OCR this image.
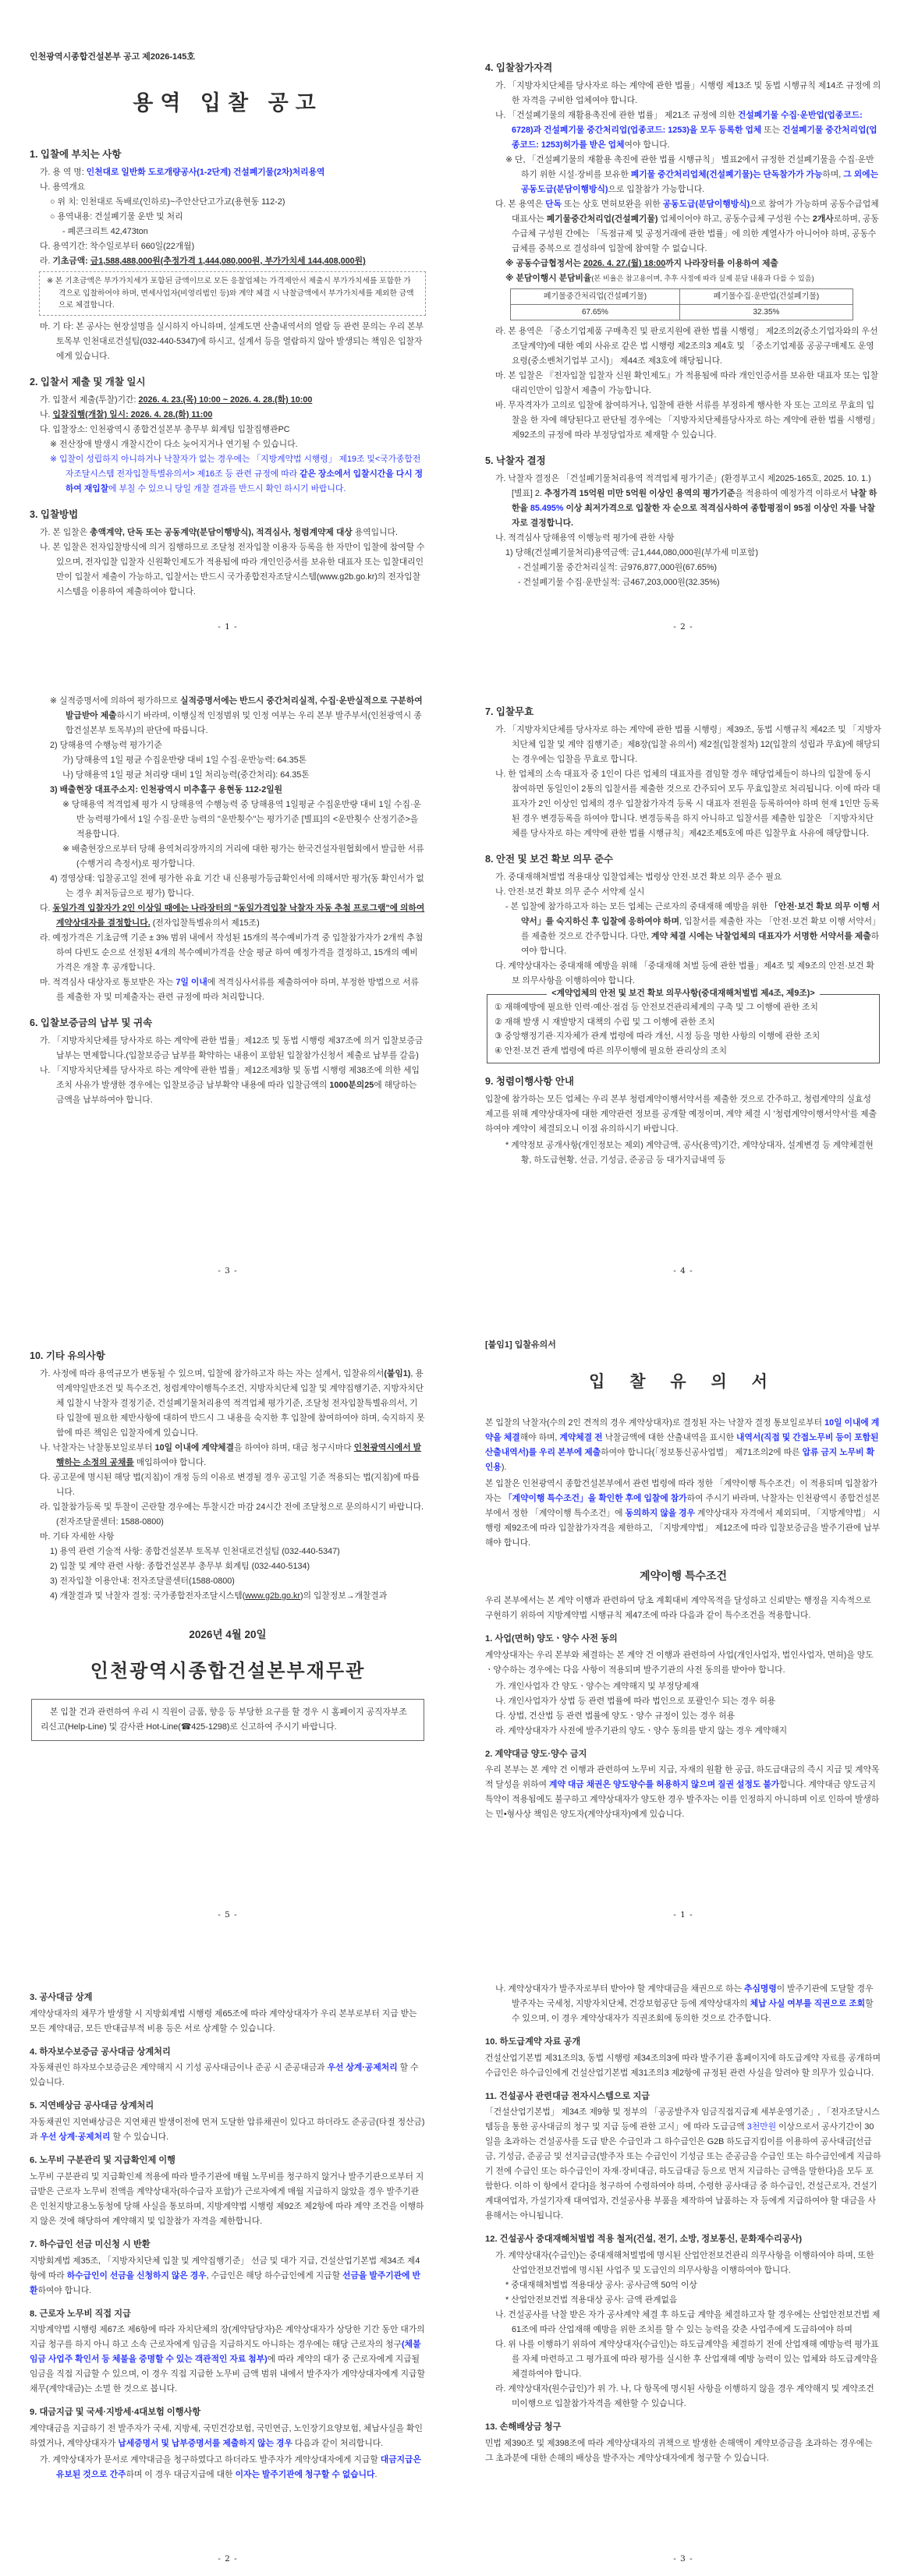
인천광역시종합건설본부 공고 제2026-145호
용역 입찰 공고
1. 입찰에 부치는 사항
가. 용 역 명: 인천대로 일반화 도로개량공사(1-2단계) 건설폐기물(2차)처리용역
나. 용역개요
○ 위 치: 인천대로 독배로(인하로)~주안산단고가교(용현동 112-2)
○ 용역내용: 건설폐기물 운반 및 처리
- 폐콘크리트 42,473ton
다. 용역기간: 착수일로부터 660일(22개월)
라. 기초금액: 금1,588,488,000원(추정가격 1,444,080,000원, 부가가치세 144,408,000원)
※ 본 기초금액은 부가가치세가 포함된 금액이므로 모든 응찰업체는 가격제안서 제출시 부가가치세를 포함한 가격으로 입찰하여야 하며, 면세사업자(비영리법인 등)와 계약 체결 시 낙찰금액에서 부가가치세를 제외한 금액으로 체결합니다.
마. 기 타: 본 공사는 현장설명을 실시하지 아니하며, 설계도면 산출내역서의 열람 등 관련 문의는 우리 본부 토목부 인천대로건설팀(032-440-5347)에 하시고, 설계서 등을 열람하지 않아 발생되는 책임은 입찰자에게 있습니다.
2. 입찰서 제출 및 개찰 일시
가. 입찰서 제출(투찰)기간: 2026. 4. 23.(목) 10:00 ~ 2026. 4. 28.(화) 10:00
나. 입찰집행(개찰) 일시: 2026. 4. 28.(화) 11:00
다. 입찰장소: 인천광역시 종합건설본부 총무부 회계팀 입찰집행관PC
※ 전산장애 발생시 개찰시간이 다소 늦어지거나 연기될 수 있습니다.
※ 입찰이 성립하지 아니하거나 낙찰자가 없는 경우에는 「지방계약법 시행령」 제19조 및<국가종합전자조달시스템 전자입찰특별유의서> 제16조 등 관련 규정에 따라 같은 장소에서 입찰시간을 다시 정하여 재입찰에 부칠 수 있으니 당일 개찰 결과를 반드시 확인 하시기 바랍니다.
3. 입찰방법
가. 본 입찰은 총액계약, 단독 또는 공동계약(분담이행방식), 적격심사, 청렴계약제 대상 용역입니다.
나. 본 입찰은 전자입찰방식에 의거 집행하므로 조달청 전자입찰 이용자 등록을 한 자만이 입찰에 참여할 수 있으며, 전자입찰 입찰자 신원확인제도가 적용됨에 따라 개인인증서를 보유한 대표자 또는 입찰대리인만이 입찰서 제출이 가능하고, 입찰서는 반드시 국가종합전자조달시스템(www.g2b.go.kr)의 전자입찰시스템을 이용하여 제출하여야 합니다.
- 1 -
4. 입찰참가자격
가. 「지방자치단체를 당사자로 하는 계약에 관한 법률」시행령 제13조 및 동법 시행규칙 제14조 규정에 의한 자격을 구비한 업체여야 합니다.
나. 「건설폐기물의 재활용촉진에 관한 법률」 제21조 규정에 의한 건설폐기물 수집·운반업(업종코드: 6728)과 건설폐기물 중간처리업(업종코드: 1253)을 모두 등록한 업체 또는 건설폐기물 중간처리업(업종코드: 1253)허가를 받은 업체여야 합니다.
※ 단, 「건설폐기물의 재활용 촉진에 관한 법률 시행규칙」 별표2에서 규정한 건설폐기물을 수집·운반하기 위한 시설·장비를 보유한 폐기물 중간처리업체(건설폐기물)는 단독참가가 가능하며, 그 외에는 공동도급(분담이행방식)으로 입찰참가 가능합니다.
다. 본 용역은 단독 또는 상호 면허보완을 위한 공동도급(분담이행방식)으로 참여가 가능하며 공동수급업체 대표사는 폐기물중간처리업(건설폐기물) 업체이어야 하고, 공동수급체 구성원 수는 2개사로하며, 공동수급체 구성원 간에는 「독점규제 및 공정거래에 관한 법률」에 의한 계열사가 아니어야 하며, 공동수급체를 중복으로 결성하여 입찰에 참여할 수 없습니다.
※ 공동수급협정서는 2026. 4. 27.(월) 18:00까지 나라장터를 이용하여 제출
※ 분담이행시 분담비율(본 비율은 참고용이며, 추후 사정에 따라 실제 분담 내용과 다를 수 있음)
폐기물중간처리업(건설폐기물)	폐기물수집·운반업(건설폐기물)
67.65%	32.35%
라. 본 용역은 「중소기업제품 구매촉진 및 판로지원에 관한 법률 시행령」 제2조의2(중소기업자와의 우선조달계약)에 대한 예외 사유로 같은 법 시행령 제2조의3 제4호 및 「중소기업제품 공공구매제도 운영요령(중소벤처기업부 고시)」 제44조 제3호에 해당됩니다.
마. 본 입찰은 『전자입찰 입찰자 신원 확인제도』가 적용됨에 따라 개인인증서를 보유한 대표자 또는 입찰대리인만이 입찰서 제출이 가능합니다.
바. 무자격자가 고의로 입찰에 참여하거나, 입찰에 관한 서류를 부정하게 행사한 자 또는 고의로 무효의 입찰을 한 자에 해당된다고 판단될 경우에는 「지방자치단체를당사자로 하는 계약에 관한 법률 시행령」제92조의 규정에 따라 부정당업자로 제재할 수 있습니다.
5. 낙찰자 결정
가. 낙찰자 결정은 「건설폐기물처리용역 적격업체 평가기준」(환경부고시 제2025-165호, 2025. 10. 1.) [별표] 2. 추정가격 15억원 미만 5억원 이상인 용역의 평가기준을 적용하여 예정가격 이하로서 낙찰 하한율 85.495% 이상 최저가격으로 입찰한 자 순으로 적격심사하여 종합평점이 95점 이상인 자를 낙찰자로 결정합니다.
나. 적격심사 당해용역 이행능력 평가에 관한 사항
1) 당해(건설폐기물처리)용역금액: 금1,444,080,000원(부가세 미포함)
- 건설폐기물 중간처리실적: 금976,877,000원(67.65%)
- 건설폐기물 수집·운반실적: 금467,203,000원(32.35%)
- 2 -
※ 실적증명서에 의하여 평가하므로 실적증명서에는 반드시 중간처리실적, 수집·운반실적으로 구분하여 발급받아 제출하시기 바라며, 이행실적 인정범위 및 인정 여부는 우리 본부 발주부서(인천광역시 종합건설본부 토목부)의 판단에 따릅니다.
2) 당해용역 수행능력 평가기준
가) 당해용역 1일 평균 수집운반량 대비 1일 수집·운반능력: 64.35톤
나) 당해용역 1일 평균 처리량 대비 1일 처리능력(중간처리): 64.35톤
3) 배출현장 대표주소지: 인천광역시 미추홀구 용현동 112-2일원
※ 당해용역 적격업체 평가 시 당해용역 수행능력 중 당해용역 1일평균 수집운반량 대비 1일 수집·운반 능력평가에서 1일 수집·운반 능력의 "운반횟수"는 평가기준 [별표]의 <운반횟수 산정기준>을 적용합니다.
※ 배출현장으로부터 당해 용역처리장까지의 거리에 대한 평가는 한국건설자원협회에서 발급한 서류(수행거리 측정서)로 평가합니다.
4) 경영상태: 입찰공고일 전에 평가한 유효 기간 내 신용평가등급확인서에 의해서만 평가(동 확인서가 없는 경우 최저등급으로 평가) 합니다.
다. 동일가격 입찰자가 2인 이상일 때에는 나라장터의 "동일가격입찰 낙찰자 자동 추첨 프로그램"에 의하여 계약상대자를 결정합니다. (전자입찰특별유의서 제15조)
라. 예정가격은 기초금액 기준 ± 3% 범위 내에서 작성된 15개의 복수예비가격 중 입찰참가자가 2개씩 추첨하여 다빈도 순으로 선정된 4개의 복수예비가격을 산술 평균 하여 예정가격을 결정하고, 15개의 예비가격은 개찰 후 공개합니다.
마. 적격심사 대상자로 통보받은 자는 7일 이내에 적격심사서류를 제출하여야 하며, 부정한 방법으로 서류를 제출한 자 및 미제출자는 관련 규정에 따라 처리합니다.
6. 입찰보증금의 납부 및 귀속
가. 「지방자치단체를 당사자로 하는 계약에 관한 법률」제12조 및 동법 시행령 제37조에 의거 입찰보증금 납부는 면제합니다.(입찰보증금 납부를 확약하는 내용이 포함된 입찰참가신청서 제출로 납부를 갈음)
나. 「지방자치단체를 당사자로 하는 계약에 관한 법률」제12조제3항 및 동법 시행령 제38조에 의한 세입조치 사유가 발생한 경우에는 입찰보증금 납부확약 내용에 따라 입찰금액의 1000분의25에 해당하는 금액을 납부하여야 합니다.
- 3 -
7. 입찰무효
가. 「지방자치단체를 당사자로 하는 계약에 관한 법률 시행령」제39조, 동법 시행규칙 제42조 및 「지방자치단체 입찰 및 계약 집행기준」제8장(입찰 유의서) 제2절(입찰절차) 12(입찰의 성립과 무효)에 해당되는 경우에는 입찰을 무효로 합니다.
나. 한 업체의 소속 대표자 중 1인이 다른 업체의 대표자를 겸임할 경우 해당업체들이 하나의 입찰에 동시 참여하면 동일인이 2통의 입찰서를 제출한 것으로 간주되어 모두 무효입찰로 처리됩니다. 이에 따라 대표자가 2인 이상인 업체의 경우 입찰참가자격 등록 시 대표자 전원을 등록하여야 하며 현재 1인만 등록된 경우 변경등록을 하여야 합니다. 변경등록을 하지 아니하고 입찰서를 제출한 입찰은 「지방자치단체를 당사자로 하는 계약에 관한 법률 시행규칙」제42조제5호에 따른 입찰무효 사유에 해당합니다.
8. 안전 및 보건 확보 의무 준수
가. 중대재해처벌법 적용대상 입찰업체는 법령상 안전·보건 확보 의무 준수 필요
나. 안전·보건 확보 의무 준수 서약제 실시
- 본 입찰에 참가하고자 하는 모든 업체는 근로자의 중대재해 예방을 위한 「안전·보건 확보 의무 이행 서약서」를 숙지하신 후 입찰에 응하여야 하며, 입찰서를 제출한 자는 「안전·보건 확보 이행 서약서」를 제출한 것으로 간주합니다. 다만, 계약 체결 시에는 낙찰업체의 대표자가 서명한 서약서를 제출하여야 합니다.
다. 계약상대자는 중대재해 예방을 위해 「중대재해 처벌 등에 관한 법률」제4조 및 제9조의 안전·보건 확보 의무사항을 이행하여야 합니다.
<계약업체의 안전 및 보건 확보 의무사항(중대재해처벌법 제4조, 제9조)>
① 재해예방에 필요한 인력·예산·점검 등 안전보건관리체계의 구축 및 그 이행에 관한 조치
② 재해 발생 시 재발방지 대책의 수립 및 그 이행에 관한 조치
③ 중앙행정기관·지자체가 관계 법령에 따라 개선, 시정 등을 명한 사항의 이행에 관한 조치
④ 안전·보건 관계 법령에 따른 의무이행에 필요한 관리상의 조치
9. 청렴이행사항 안내
입찰에 참가하는 모든 업체는 우리 본부 청렴계약이행서약서를 제출한 것으로 간주하고, 청렴계약의 실효성 제고를 위해 계약상대자에 대한 계약관련 정보를 공개할 예정이며, 계약 체결 시 '청렴계약이행서약서'를 제출하여야 계약이 체결되오니 이점 유의하시기 바랍니다.
* 계약정보 공개사항(개인정보는 제외) 계약금액, 공사(용역)기간, 계약상대자, 설계변경 등 계약체결현황, 하도급현황, 선금, 기성금, 준공금 등 대가지급내역 등
- 4 -
10. 기타 유의사항
가. 사정에 따라 용역규모가 변동될 수 있으며, 입찰에 참가하고자 하는 자는 설계서, 입찰유의서(붙임1), 용역계약일반조건 및 특수조건, 청렴계약이행특수조건, 지방자치단체 입찰 및 계약집행기준, 지방자치단체 입찰시 낙찰자 결정기준, 건설폐기물처리용역 적격업체 평가기준, 조달청 전자입찰특별유의서, 기타 입찰에 필요한 제반사항에 대하여 반드시 그 내용을 숙지한 후 입찰에 참여하여야 하며, 숙지하지 못함에 따른 책임은 입찰자에게 있습니다.
나. 낙찰자는 낙찰통보일로부터 10일 이내에 계약체결을 하여야 하며, 대금 청구시마다 인천광역시에서 발행하는 소정의 공채를 매입하여야 합니다.
다. 공고문에 명시된 해당 법(지침)이 개정 등의 이유로 변경될 경우 공고일 기준 적용되는 법(지침)에 따릅니다.
라. 입찰참가등록 및 투찰이 곤란할 경우에는 투찰시간 마감 24시간 전에 조달청으로 문의하시기 바랍니다.(전자조달콜센터: 1588-0800)
마. 기타 자세한 사항
1) 용역 관련 기술적 사항: 종합건설본부 토목부 인천대로건설팀 (032-440-5347)
2) 입찰 및 계약 관련 사항: 종합건설본부 총무부 회계팀 (032-440-5134)
3) 전자입찰 이용안내: 전자조달콜센터(1588-0800)
4) 개찰결과 및 낙찰자 결정: 국가종합전자조달시스템(www.g2b.go.kr)의 입찰정보→개찰결과
2026년 4월 20일
인천광역시종합건설본부재무관
본 입찰 건과 관련하여 우리 시 직원이 금품, 향응 등 부당한 요구를 할 경우 시 홈페이지 공직자부조리신고(Help-Line) 및 감사관 Hot-Line(☎425-1298)로 신고하여 주시기 바랍니다.
- 5 -
[붙임1] 입찰유의서
입 찰 유 의 서
본 입찰의 낙찰자(수의 2인 견적의 경우 계약상대자)로 결정된 자는 낙찰자 결정 통보일로부터 10일 이내에 계약을 체결해야 하며, 계약체결 전 낙찰금액에 대한 산출내역을 표시한 내역서(직접 및 간접노무비 등이 포함된 산출내역서)를 우리 본부에 제출하여야 합니다(「정보통신공사업법」 제71조의2에 따른 압류 금지 노무비 확인용).
본 입찰은 인천광역시 종합건설본부에서 관련 법령에 따라 정한 「계약이행 특수조건」이 적용되며 입찰참가자는 「계약이행 특수조건」을 확인한 후에 입찰에 참가하여 주시기 바라며, 낙찰자는 인천광역시 종합건설본부에서 정한 「계약이행 특수조건」에 동의하지 않을 경우 계약상대자 자격에서 제외되며, 「지방계약법」 시행령 제92조에 따라 입찰참가자격을 제한하고, 「지방계약법」 제12조에 따라 입찰보증금을 발주기관에 납부해야 합니다.
계약이행 특수조건
우리 본부에서는 본 계약 이행과 관련하여 당초 계획대비 계약목적을 달성하고 신뢰받는 행정을 지속적으로 구현하기 위하여 지방계약법 시행규칙 제47조에 따라 다음과 같이 특수조건을 적용합니다.
1. 사업(면허) 양도ㆍ양수 사전 동의
계약상대자는 우리 본부와 체결하는 본 계약 건 이행과 관련하여 사업(개인사업자, 법인사업자, 면허)을 양도ㆍ양수하는 경우에는 다음 사항이 적용되며 발주기관의 사전 동의를 받아야 합니다.
가. 개인사업자 간 양도ㆍ양수는 계약해지 및 부정당제재
나. 개인사업자가 상법 등 관련 법률에 따라 법인으로 포괄인수 되는 경우 허용
다. 상법, 건산법 등 관련 법률에 양도ㆍ양수 규정이 있는 경우 허용
라. 계약상대자가 사전에 발주기관의 양도ㆍ양수 동의를 받지 않는 경우 계약해지
2. 계약대금 양도·양수 금지
우리 본부는 본 계약 건 이행과 관련하여 노무비 지급, 자재의 원활 한 공급, 하도급대금의 즉시 지급 및 계약목적 달성을 위하여 계약 대금 채권은 양도양수를 허용하지 않으며 질권 설정도 불가합니다. 계약대금 양도금지 특약이 적용됨에도 불구하고 계약상대자가 양도한 경우 발주자는 이를 인정하지 아니하며 이로 인하여 발생하는 민•형사상 책임은 양도자(계약상대자)에게 있습니다.
- 1 -
3. 공사대금 상계
계약상대자의 채무가 발생할 시 지방회계법 시행령 제65조에 따라 계약상대자가 우리 본부로부터 지급 받는 모든 계약대금, 모든 반대급부적 비용 등은 서로 상계할 수 있습니다.
4. 하자보수보증금 공사대금 상계처리
자동채권인 하자보수보증금은 계약해지 시 기성 공사대금이나 준공 시 준공대금과 우선 상계·공제처리 할 수 있습니다.
5. 지연배상금 공사대금 상계처리
자동채권인 지연배상금은 지연채권 발생이전에 먼저 도달한 압류채권이 있다고 하더라도 준공금(타절 정산금)과 우선 상계·공제처리 할 수 있습니다.
6. 노무비 구분관리 및 지급확인제 이행
노무비 구분관리 및 지급확인제 적용에 따라 발주기관에 매월 노무비를 청구하지 않거나 발주기관으로부터 지급받은 근로자 노무비 전액을 계약상대자(하수급자 포함)가 근로자에게 매월 지급하지 않았을 경우 발주기관은 인천지방고용노동청에 당해 사실을 통보하며, 지방계약법 시행령 제92조 제2항에 따라 계약 조건을 이행하지 않은 것에 해당하여 계약해지 및 입찰참가 자격을 제한합니다.
7. 하수급인 선금 미신청 시 반환
지방회계법 제35조, 「지방자치단체 입찰 및 계약집행기준」 선금 및 대가 지급, 건설산업기본법 제34조 제4항에 따라 하수급인이 선금을 신청하지 않은 경우, 수급인은 해당 하수급인에게 지급할 선금을 발주기관에 반환하여야 합니다.
8. 근로자 노무비 직접 지급
지방계약법 시행령 제67조 제6항에 따라 자치단체의 장(계약담당자)은 계약상대자가 상당한 기간 동안 대가의 지급 청구를 하지 아니 하고 소속 근로자에게 임금을 지급하지도 아니하는 경우에는 해당 근로자의 청구(체불임금 사업주 확인서 등 체불을 증명할 수 있는 객관적인 자료 첨부)에 따라 계약의 대가 중 근로자에게 지급될 임금을 직접 지급할 수 있으며, 이 경우 직접 지급한 노무비 금액 범위 내에서 발주자가 계약상대자에게 지급할 채무(계약대금)는 소멸 한 것으로 봅니다.
9. 대금지급 및 국세·지방세·4대보험 이행사항
계약대금을 지급하기 전 발주자가 국세, 지방세, 국민건강보험, 국민연금, 노인장기요양보험, 체납사실을 확인하였거나, 계약상대자가 납세증명서 및 납부증명서를 제출하지 않는 경우 다음과 같이 처리합니다.
가. 계약상대자가 문서로 계약대금을 청구하였다고 하더라도 발주자가 계약상대자에게 지급할 대금지급은 유보된 것으로 간주하며 이 경우 대금지급에 대한 이자는 발주기관에 청구할 수 없습니다.
- 2 -
나. 계약상대자가 발주자로부터 받아야 할 계약대금을 채권으로 하는 추심명령이 발주기관에 도달할 경우 발주자는 국세청, 지방자치단체, 건강보험공단 등에 계약상대자의 체납 사실 여부를 직권으로 조회할 수 있으며, 이 경우 계약상대자가 직권조회에 동의한 것으로 간주합니다.
10. 하도급계약 자료 공개
건설산업기본법 제31조의3, 동법 시행령 제34조의3에 따라 발주기관 홈페이지에 하도급계약 자료를 공개하며 수급인은 하수급인에게 건설산업기본법 제31조의3 제2항에 규정된 관련 사실을 알려야 할 의무가 있습니다.
11. 건설공사 관련대금 전자시스템으로 지급
「건설산업기본법」 제34조 제9항 및 정부의 「공공발주자 임금직접지급제 세부운영기준」, 「전자조달시스템등을 통한 공사대금의 청구 및 지급 등에 관한 고시」에 따라 도급금액 3천만원 이상으로서 공사기간이 30일을 초과하는 건설공사를 도급 받은 수급인과 그 하수급인은 G2B 하도급지킴이를 이용하여 공사대금[선급금, 기성금, 준공금 및 선지급금(발주자 또는 수급인이 기성금 또는 준공금을 수급인 또는 하수급인에게 지급하기 전에 수급인 또는 하수급인이 자재·장비대금, 하도급대금 등으로 먼저 지급하는 금액을 말한다)을 모두 포함한다. 이하 이 항에서 같다]을 청구하여 수령하여야 하며, 수령한 공사대금 중 하수급인, 건설근로자, 건설기계대여업자, 가설기자재 대여업자, 건설공사용 부품을 제작하여 납품하는 자 등에게 지급하여야 할 대금을 사용해서는 아니됩니다.
12. 건설공사 중대재해처벌법 적용 철저(건설, 전기, 소방, 정보통신, 문화재수리공사)
가. 계약상대자(수급인)는 중대재해처벌법에 명시된 산업안전보건관리 의무사항을 이행하여야 하며, 또한 산업안전보건법에 명시된 사업주 및 도급인의 의무사항을 이행하여야 합니다.
* 중대재해처벌법 적용대상 공사: 공사금액 50억 이상
* 산업안전보건법 적용대상 공사: 금액 관계없음
나. 건설공사를 낙찰 받은 자가 공사계약 체결 후 하도급 계약을 체결하고자 할 경우에는 산업안전보건법 제61조에 따라 산업재해 예방을 위한 조치를 할 수 있는 능력을 갖춘 사업주에게 도급하여야 하며
다. 위 나를 이행하기 위하여 계약상대자(수급인)는 하도급계약을 체결하기 전에 산업재해 예방능력 평가표를 자체 마련하고 그 평가표에 따라 평가를 실시한 후 산업재해 예방 능력이 있는 업체와 하도급계약을 체결하여야 합니다.
라. 계약상대자(원수급인)가 위 가. 나, 다 항목에 명시된 사항을 이행하지 않을 경우 계약해지 및 계약조건 미이행으로 입찰참가자격을 제한할 수 있습니다.
13. 손해배상금 청구
민법 제390조 및 제398조에 따라 계약상대자의 귀책으로 발생한 손해액이 계약보증금을 초과하는 경우에는 그 초과분에 대한 손해의 배상을 발주자는 계약상대자에게 청구할 수 있습니다.
- 3 -
